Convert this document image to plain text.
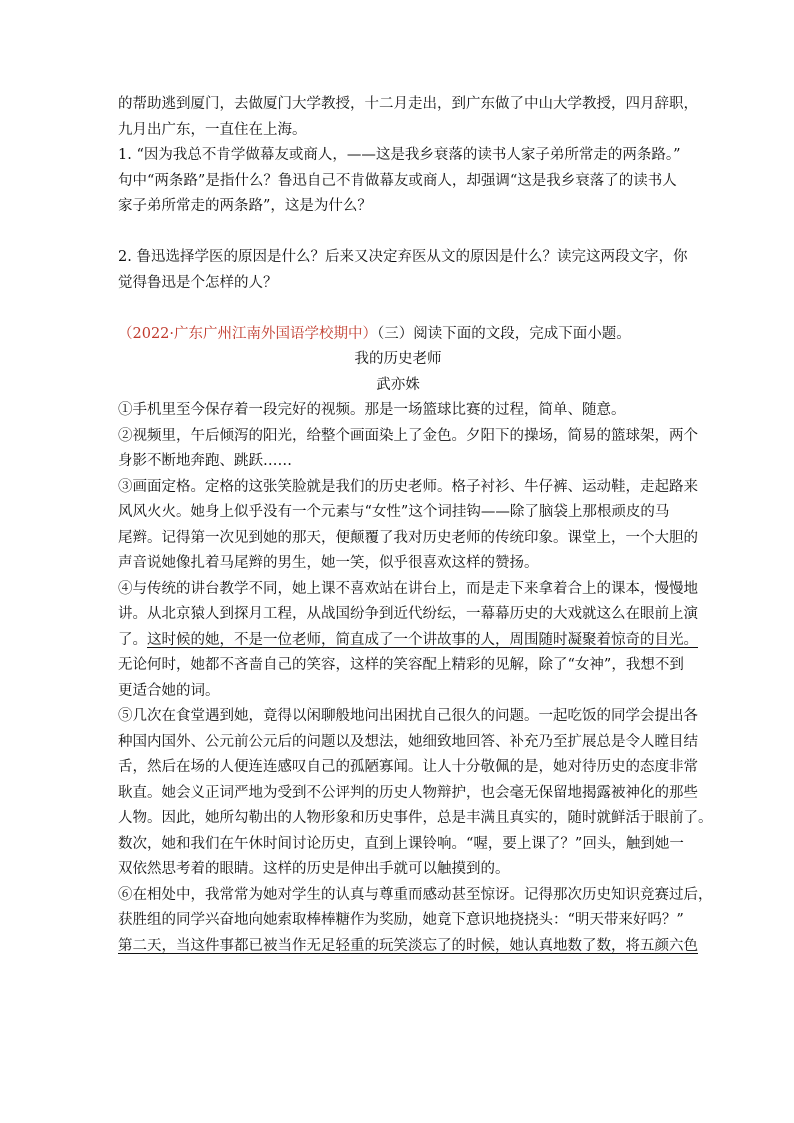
的帮助逃到厦门，去做厦门大学教授，十二月走出，到广东做了中山大学教授，四月辞职，
九月出广东，一直住在上海。
1. “因为我总不肯学做幕友或商人，——这是我乡衰落的读书人家子弟所常走的两条路。”
句中“两条路”是指什么？鲁迅自己不肯做幕友或商人，却强调“这是我乡衰落了的读书人
家子弟所常走的两条路”，这是为什么？
2. 鲁迅选择学医的原因是什么？后来又决定弃医从文的原因是什么？读完这两段文字，你
觉得鲁迅是个怎样的人？
（2022·广东广州江南外国语学校期中）（三）阅读下面的文段，完成下面小题。
我的历史老师
武亦姝
①手机里至今保存着一段完好的视频。那是一场篮球比赛的过程，简单、随意。
②视频里，午后倾泻的阳光，给整个画面染上了金色。夕阳下的操场，简易的篮球架，两个
身影不断地奔跑、跳跃……
③画面定格。定格的这张笑脸就是我们的历史老师。格子衬衫、牛仔裤、运动鞋，走起路来
风风火火。她身上似乎没有一个元素与“女性”这个词挂钩——除了脑袋上那根顽皮的马
尾辫。记得第一次见到她的那天，便颠覆了我对历史老师的传统印象。课堂上，一个大胆的
声音说她像扎着马尾辫的男生，她一笑，似乎很喜欢这样的赞扬。
④与传统的讲台教学不同，她上课不喜欢站在讲台上，而是走下来拿着合上的课本，慢慢地
讲。从北京猿人到探月工程，从战国纷争到近代纷纭，一幕幕历史的大戏就这么在眼前上演
了。这时候的她，不是一位老师，简直成了一个讲故事的人，周围随时凝聚着惊奇的目光。
无论何时，她都不吝啬自己的笑容，这样的笑容配上精彩的见解，除了“女神”，我想不到
更适合她的词。
⑤几次在食堂遇到她，竟得以闲聊般地问出困扰自己很久的问题。一起吃饭的同学会提出各
种国内国外、公元前公元后的问题以及想法，她细致地回答、补充乃至扩展总是令人瞠目结
舌，然后在场的人便连连感叹自己的孤陋寡闻。让人十分敬佩的是，她对待历史的态度非常
耿直。她会义正词严地为受到不公评判的历史人物辩护，也会毫无保留地揭露被神化的那些
人物。因此，她所勾勒出的人物形象和历史事件，总是丰满且真实的，随时就鲜活于眼前了。
数次，她和我们在午休时间讨论历史，直到上课铃响。“喔，要上课了？”回头，触到她一
双依然思考着的眼睛。这样的历史是伸出手就可以触摸到的。
⑥在相处中，我常常为她对学生的认真与尊重而感动甚至惊讶。记得那次历史知识竞赛过后，
获胜组的同学兴奋地向她索取棒棒糖作为奖励，她竟下意识地挠挠头：“明天带来好吗？”
第二天，当这件事都已被当作无足轻重的玩笑淡忘了的时候，她认真地数了数，将五颜六色
